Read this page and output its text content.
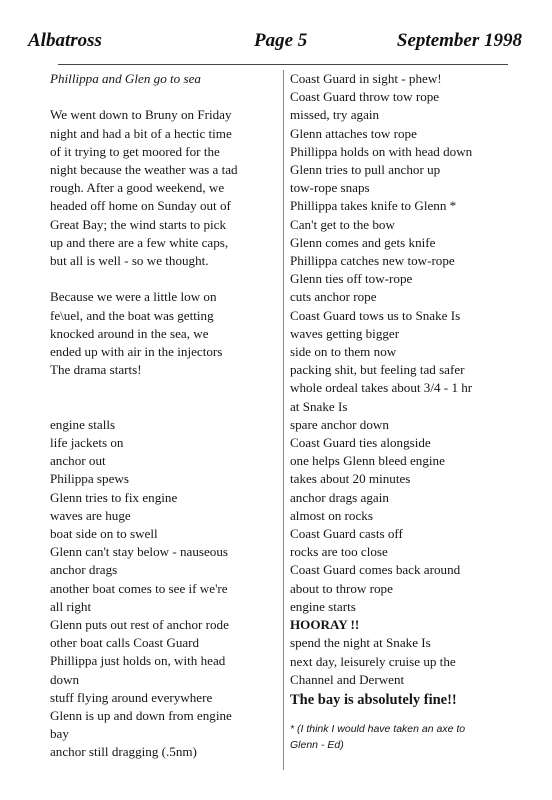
Albatross	Page 5	September 1998

Phillippa and Glen go to sea

We went down to Bruny on Friday

night and had a bit of a hectic time

of it trying to get moored for the

night because the weather was a tad

rough. After a good weekend, we

headed off home on Sunday out of

Great Bay; the wind starts to pick

up and there are a few white caps,

but all is well - so we thought.

Because we were a little low on

fe\uel, and the boat was getting

knocked around in the sea, we

ended up with air in the injectors

The drama starts!

engine stalls

life jackets on

anchor out

Philippa spews

Glenn tries to fix engine

waves are huge

boat side on to swell

Glenn can't stay below - nauseous

anchor drags

another boat comes to see if we're

all right

Glenn puts out rest of anchor rode

other boat calls Coast Guard

Phillippa just holds on, with head

down

stuff flying around everywhere

Glenn is up and down from engine

bay

anchor still dragging (.5nm)

Coast Guard in sight - phew!

Coast Guard throw tow rope

missed, try again

Glenn attaches tow rope

Phillippa holds on with head down

Glenn tries to pull anchor up

tow-rope snaps

Phillippa takes knife to Glenn *

Can't get to the bow

Glenn comes and gets knife

Phillippa catches new tow-rope

Glenn ties off tow-rope

cuts anchor rope

Coast Guard tows us to Snake Is

waves getting bigger

side on to them now

packing shit, but feeling tad safer

whole ordeal takes about 3/4 - 1 hr

at Snake Is

spare anchor down

Coast Guard ties alongside

one helps Glenn bleed engine

takes about 20 minutes

anchor drags again

almost on rocks

Coast Guard casts off

rocks are too close

Coast Guard comes back around

about to throw rope

engine starts

HOORAY !!

spend the night at Snake Is

next day, leisurely cruise up the

Channel and Derwent

The bay is absolutely fine!!

* (I think I would have taken an axe to

Glenn - Ed)
